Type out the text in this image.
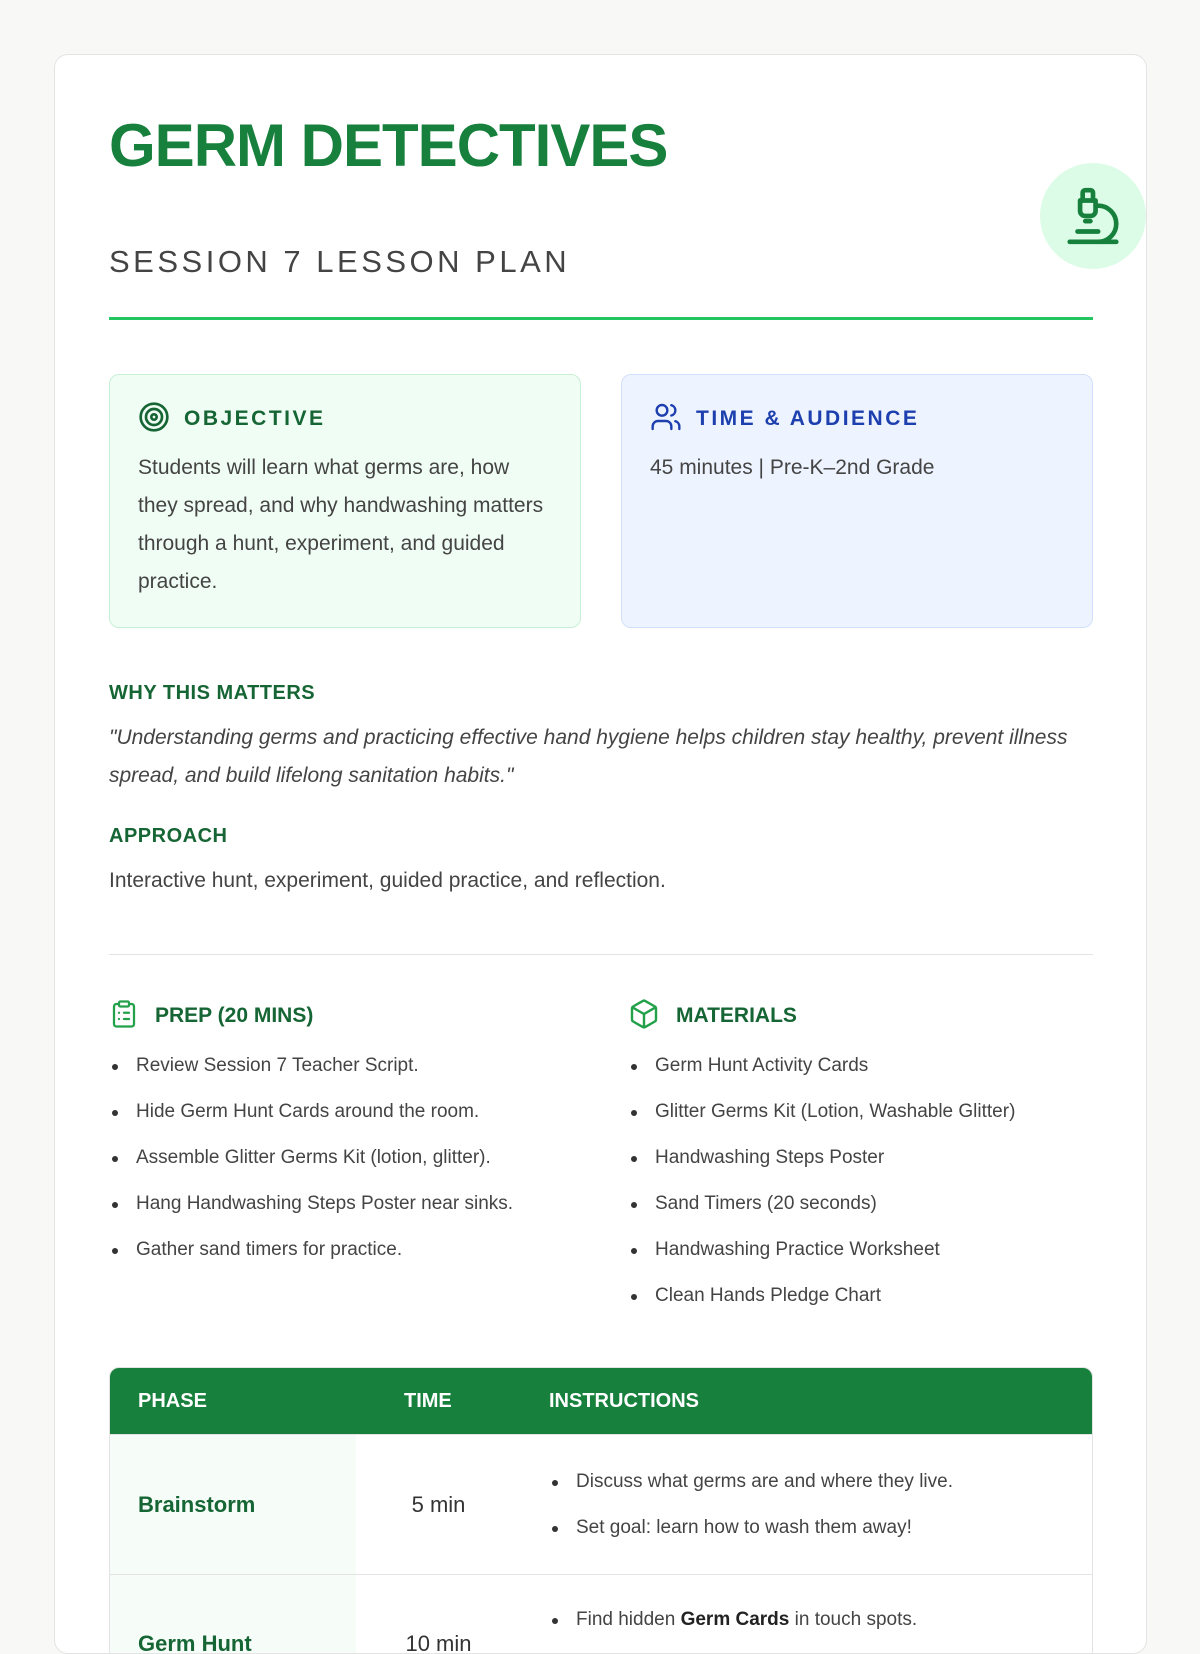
GERM DETECTIVES
SESSION 7 LESSON PLAN
OBJECTIVE

Students will learn what germs are, how they spread, and why handwashing matters through a hunt, experiment, and guided practice.

TIME & AUDIENCE

45 minutes | Pre-K–2nd Grade

WHY THIS MATTERS

"Understanding germs and practicing effective hand hygiene helps children stay healthy, prevent illness spread, and build lifelong sanitation habits."

APPROACH

Interactive hunt, experiment, guided practice, and reflection.

PREP (20 MINS)
Review Session 7 Teacher Script.
Hide Germ Hunt Cards around the room.
Assemble Glitter Germs Kit (lotion, glitter).
Hang Handwashing Steps Poster near sinks.
Gather sand timers for practice.
MATERIALS
Germ Hunt Activity Cards
Glitter Germs Kit (Lotion, Washable Glitter)
Handwashing Steps Poster
Sand Timers (20 seconds)
Handwashing Practice Worksheet
Clean Hands Pledge Chart
PHASE	TIME	INSTRUCTIONS
Brainstorm	5 min
Discuss what germs are and where they live.
Set goal: learn how to wash them away!
Germ Hunt	10 min
Find hidden Germ Cards in touch spots.
